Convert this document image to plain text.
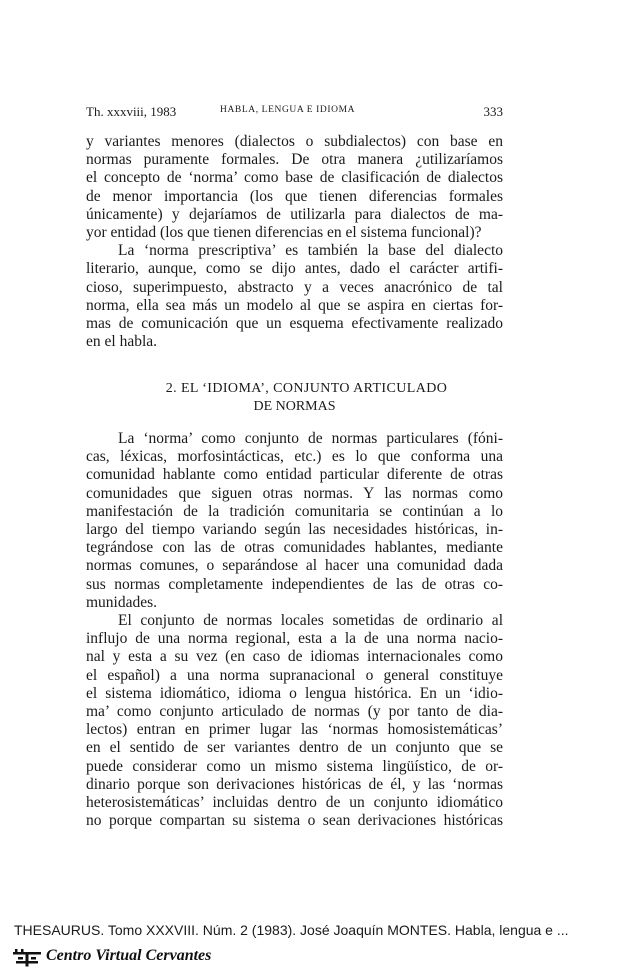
Th. xxxviii, 1983	HABLA, LENGUA E IDIOMA	333
y variantes menores (dialectos o subdialectos) con base en
normas puramente formales. De otra manera ¿utilizaríamos
el concepto de ‘norma’ como base de clasificación de dialectos
de menor importancia (los que tienen diferencias formales
únicamente) y dejaríamos de utilizarla para dialectos de ma-
yor entidad (los que tienen diferencias en el sistema funcional)?
La ‘norma prescriptiva’ es también la base del dialecto
literario, aunque, como se dijo antes, dado el carácter artifi-
cioso, superimpuesto, abstracto y a veces anacrónico de tal
norma, ella sea más un modelo al que se aspira en ciertas for-
mas de comunicación que un esquema efectivamente realizado
en el habla.
2. EL ‘IDIOMA’, CONJUNTO ARTICULADO
DE NORMAS
La ‘norma’ como conjunto de normas particulares (fóni-
cas, léxicas, morfosintácticas, etc.) es lo que conforma una
comunidad hablante como entidad particular diferente de otras
comunidades que siguen otras normas. Y las normas como
manifestación de la tradición comunitaria se continúan a lo
largo del tiempo variando según las necesidades históricas, in-
tegrándose con las de otras comunidades hablantes, mediante
normas comunes, o separándose al hacer una comunidad dada
sus normas completamente independientes de las de otras co-
munidades.
El conjunto de normas locales sometidas de ordinario al
influjo de una norma regional, esta a la de una norma nacio-
nal y esta a su vez (en caso de idiomas internacionales como
el español) a una norma supranacional o general constituye
el sistema idiomático, idioma o lengua histórica. En un ‘idio-
ma’ como conjunto articulado de normas (y por tanto de dia-
lectos) entran en primer lugar las ‘normas homosistemáticas’
en el sentido de ser variantes dentro de un conjunto que se
puede considerar como un mismo sistema lingüístico, de or-
dinario porque son derivaciones históricas de él, y las ‘normas
heterosistemáticas’ incluidas dentro de un conjunto idiomático
no porque compartan su sistema o sean derivaciones históricas
THESAURUS. Tomo XXXVIII. Núm. 2 (1983). José Joaquín MONTES. Habla, lengua e ...
Centro Virtual Cervantes
